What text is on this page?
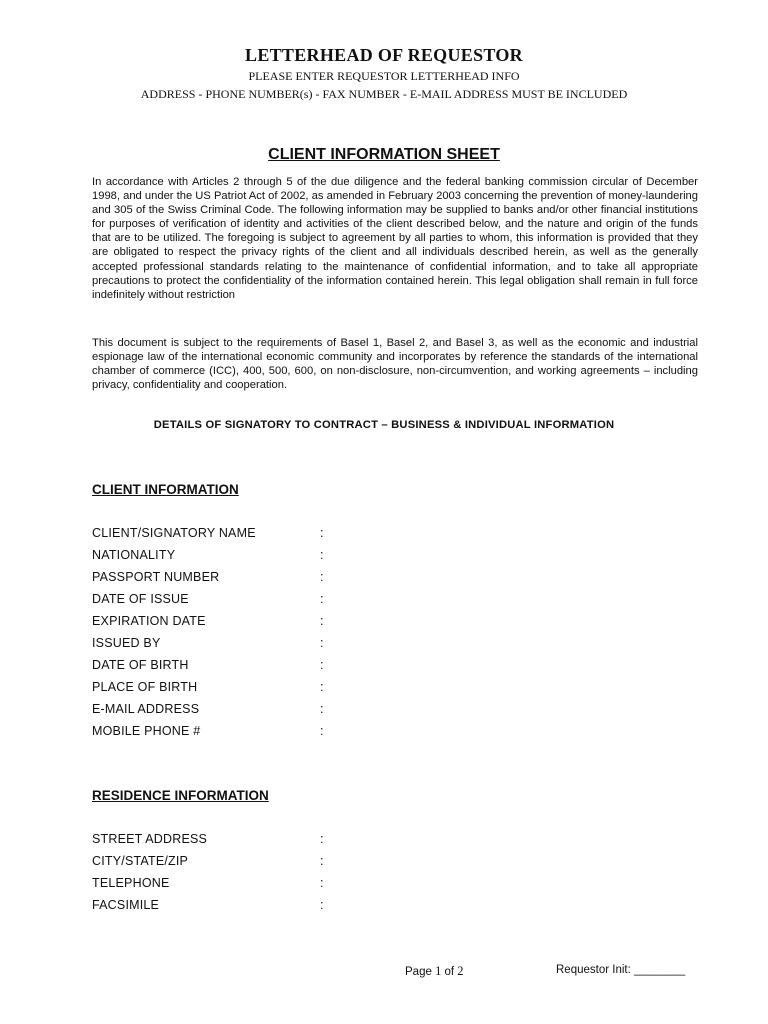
LETTERHEAD OF REQUESTOR
PLEASE ENTER REQUESTOR LETTERHEAD INFO
ADDRESS - PHONE NUMBER(s) - FAX NUMBER - E-MAIL ADDRESS MUST BE INCLUDED
CLIENT INFORMATION SHEET
In accordance with Articles 2 through 5 of the due diligence and the federal banking commission circular of December 1998, and under the US Patriot Act of 2002, as amended in February 2003 concerning the prevention of money-laundering and 305 of the Swiss Criminal Code. The following information may be supplied to banks and/or other financial institutions for purposes of verification of identity and activities of the client described below, and the nature and origin of the funds that are to be utilized. The foregoing is subject to agreement by all parties to whom, this information is provided that they are obligated to respect the privacy rights of the client and all individuals described herein, as well as the generally accepted professional standards relating to the maintenance of confidential information, and to take all appropriate precautions to protect the confidentiality of the information contained herein. This legal obligation shall remain in full force indefinitely without restriction
This document is subject to the requirements of Basel 1, Basel 2, and Basel 3, as well as the economic and industrial espionage law of the international economic community and incorporates by reference the standards of the international chamber of commerce (ICC), 400, 500, 600, on non-disclosure, non-circumvention, and working agreements – including privacy, confidentiality and cooperation.
DETAILS OF SIGNATORY TO CONTRACT – BUSINESS & INDIVIDUAL INFORMATION
CLIENT INFORMATION
CLIENT/SIGNATORY NAME	:
NATIONALITY	:
PASSPORT NUMBER	:
DATE OF ISSUE	:
EXPIRATION DATE	:
ISSUED BY	:
DATE OF BIRTH	:
PLACE OF BIRTH	:
E-MAIL ADDRESS	:
MOBILE PHONE #	:
RESIDENCE INFORMATION
STREET ADDRESS	:
CITY/STATE/ZIP	:
TELEPHONE	:
FACSIMILE	:
Page 1 of 2	Requestor Init: ________
